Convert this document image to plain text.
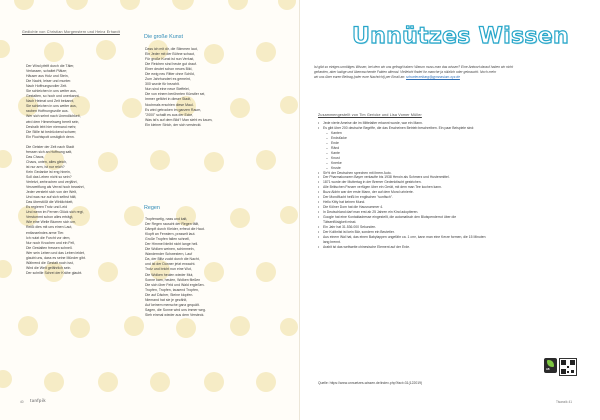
Gedichte von Christian Morgenstern und Heinz Erhardt

Der Wind pfeift durch die Täler,

Verlassen, schaltet Plätze;

Häuser aus Holz und Stein,

Die Nacht, leiser und munter.

Nach Hoffnungsvoller Zeit.

Sie schleichen in uns weiter aus,

Gestalten, so hoch und unerkannt,

Nach Heimat und Zeit bekannt,

Sie schleichen in uns weiter aus,

rauben Hoffnungsvolle aus.

Wer sich sehnt nach Unendlichkeit,

wird dem Himmelsweg bereit sein,

Deshalb lebt hier niemand mehr,

Die Stille ist bedrückend schwer,

Ein Fluchtspott unsäglich denn.

Die Geister der Zeit nach Stadt

fressen sich an Hoffnung satt,

Das Chaos,

Chaos, unten, alles gleich,

ist nur arm, ist nur reich?

Kein Gedanke ist eng hinein,

Soll das Leben nicht so sein?

Verletzt, zerbrochen und verjährt,

Verzweiflung als Verrat hoch bewahrt,

Jeder versteht sich von der Welt,

Und was nur auf sich selbst hält,

Das überstößt die Wirklichkeit,

Es regieren Trotz und Leid

Und wenn im Fernen Glück sich regt,

Verstummt schon alles erträgt,

Wie eine Welle Blumen sich um,

Reißt dies mit uns einen Laut,

entlanzelndes arme Tier.

Ich nutzt die Furcht vor dem,

Nur noch Knochen und ein Fell,

Die Gestalten fressen schnell.

Wer sein Leben und das Leben leidet,

glaubt uns, dass es seine Münder gibt.

Während die Gestalt noch isst,

Wird die Welt gefährlich sein.

Der schrille Schrei der Krähe glaubt.

Die große Kunst

Dass ich mit dir, die Stimmen laut,

Ein Jeder mit der Bühne schaut,

Für große Kunst ist nun Verlust,

Die Reichen sind heute gut drauf.

Einer deutet schon neues Bild,

Die ewig neu Ritter ohne Schild,

Zum Jahrhundert es gemeint,

300 wurde für bezahlt.

Nun sind eine neue Steffelei,

Die von einem berühmten Künstler sei,

Immer gefährt in dieser Stadt,

Nochmals erschien diese Maul.

Es wird getrocken im ganzen Raum,

"2000" schallt es aus der Ecke,

Was ist's auf dem Bild? Man sieht es kaum,

Ein kleiner Strich, der sich versteckt.

Regen

Tropfenartig, nass und kalt,

Der Regen rauscht der Regen fällt,

Dämpft durch Kleider, erfreut die Haut.

Klopft an Fenstern, prasselt laut.

Große Tropfen fallen schnell,

Der Himmel bleibt nicht lange hell.

Die Wolken weinen, schimmeln,

Wandernder Schwestern, Lauf

Da, der Blitz zuckt durch die Nacht,

und ist der Donner jetzt erwacht.

Trotz und bricht nun eine Wut,

Die Wolken heulen wieder Mut,

Sonne kam, heulen, Wolken fließen

Die sich über Feld und Wald ergießen.

Tropfen, Tropfen, tausend Tropfen,

Die auf Dächer, Steine klopfen.

Niemand hat sie je gezählt,

Auf keinem mensche ganz gequält.

Sagen, die Sonne wird uns immer weg.

Sieh einmal wieder aus dem Versteck.

40 tanfpik
Unnützes Wissen
Ist gibt so einiges unnötiges Wissen, bei dem wir uns gefragt haben: Warum muss man das wissen? Eine Antwort darauf haben wir nicht
gefunden, aber lustige und überraschende Fakten allemal. Vielleicht findet ihr manche ja nützlich oder gebraucht. Noch mehr
wir uns über euren Beitrag (oder eure Nachricht) per Email an: schuelerzeitung@gymnasium-xyz.de
Zusammengestellt von Tim Gericke und Lisa Vomer Müller
• Jede vierte Ameise die im Mittelalter erkannt wurde, war ein Mann.
• Es gibt über 200 deutsche Begriffe, die das Erscheinen Betrieb beschreiben. Ein paar Beispiele sind:
– Kanten
– Endstücke
– Ende
– Ränd
– Kante
– Knust
– Knerke
– Kruste
• Sir% der Deutschen sprechen mit ihrem Auto.
• Der Pharmakonzern Bayer verkaufte bis 1938 Heroin als Schmerz und Hustenmittel.
• 1871 wurde der Muttertag in der Bremer Gedenktischt gestrichen.
• Alle Britischen Panzer verfügen über ein Gerät, mit dem man Tee kochen kann.
• Buzz Aldrin war der erste Mann, der auf dem Mond urinierte.
• Der Mondflucht heißt im englischen "sunfisch".
• Hello Kitty hat keinen Mund.
• Die Kölner Dom hat die Hausnummer 4.
• In Deutschland darf man erst ab 25 Jahren ein Kind adoptieren.
• Google hat eine Kontaktadresse eingestellt, die automatisch den Blutspenderrot über die
Tätsenflüsigkeit misst.
• Ein Jahr hat 31.536.000 Sekunden.
• Der Kolibriist ist kein Bär, sondern ein Beutetier.
• Aus einem Wal hat, das einen Babylappen ungefähr ca. 1 cm³, kann man eine Kerze formen, die 15 Minuten
lang brennt.
• Arabit ist das weltweite chinesische Element auf der Erde.
Quelle: https://www.unnuetzes-wissen.de/index.php?fact=31(122019)
AB
Tisanzik 41
